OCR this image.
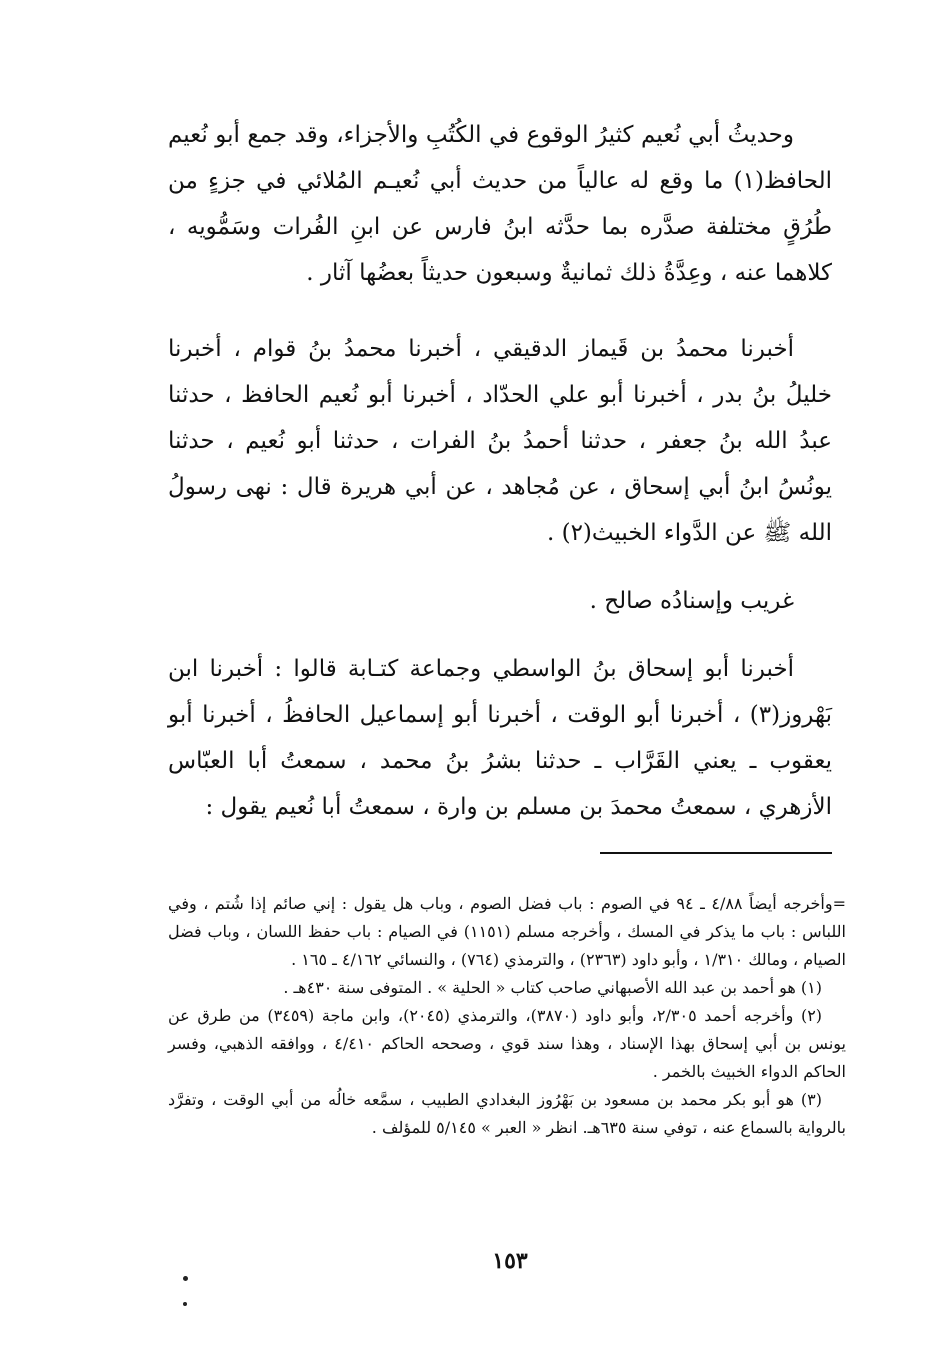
وحديثُ أبي نُعيم كثيرُ الوقوع في الكُتُبِ والأجزاء، وقد جمع أبو نُعيم الحافظ(١) ما وقع له عالياً من حديث أبي نُعيـم المُلائي في جزءٍ من طُرُقٍ مختلفة صدَّره بما حدَّثه ابنُ فارس عن ابنِ الفُرات وسَمُّويه ، كلاهما عنه ، وعِدَّةُ ذلك ثمانيةٌ وسبعون حديثاً بعضُها آثار .

أخبرنا محمدُ بن قَيماز الدقيقي ، أخبرنا محمدُ بنُ قوام ، أخبرنا خليلُ بنُ بدر ، أخبرنا أبو علي الحدّاد ، أخبرنا أبو نُعيم الحافظ ، حدثنا عبدُ الله بنُ جعفر ، حدثنا أحمدُ بنُ الفرات ، حدثنا أبو نُعيم ، حدثنا يونُسُ ابنُ أبي إسحاق ، عن مُجاهد ، عن أبي هريرة قال : نهى رسولُ الله ﷺ عن الدَّواء الخبيث(٢) .

غريب وإسنادُه صالح .

أخبرنا أبو إسحاق بنُ الواسطي وجماعة كتـابة قالوا : أخبرنا ابن بَهْروز(٣) ، أخبرنا أبو الوقت ، أخبرنا أبو إسماعيل الحافظُ ، أخبرنا أبو يعقوب ـ يعني القَرَّاب ـ حدثنا بشرُ بنُ محمد ، سمعتُ أبا العبّاس الأزهري ، سمعتُ محمدَ بن مسلم بن وارة ، سمعتُ أبا نُعيم يقول :

=وأخرجه أيضاً ٤/٨٨ ـ ٩٤ في الصوم : باب فضل الصوم ، وباب هل يقول : إني صائم إذا شُتم ، وفي اللباس : باب ما يذكر في المسك ، وأخرجه مسلم (١١٥١) في الصيام : باب حفظ اللسان ، وباب فضل الصيام ، ومالك ١/٣١٠ ، وأبو داود (٢٣٦٣) ، والترمذي (٧٦٤) ، والنسائي ٤/١٦٢ ـ ١٦٥ .

(١) هو أحمد بن عبد الله الأصبهاني صاحب كتاب « الحلية » . المتوفى سنة ٤٣٠هـ .

(٢) وأخرجه أحمد ٢/٣٠٥، وأبو داود (٣٨٧٠)، والترمذي (٢٠٤٥)، وابن ماجة (٣٤٥٩) من طرق عن يونس بن أبي إسحاق بهذا الإسناد ، وهذا سند قوي ، وصححه الحاكم ٤/٤١٠ ، ووافقه الذهبي، وفسر الحاكم الدواء الخبيث بالخمر .

(٣) هو أبو بكر محمد بن مسعود بن بَهْرُوز البغدادي الطبيب ، سمَّعه خالُه من أبي الوقت ، وتفرَّد بالرواية بالسماع عنه ، توفي سنة ٦٣٥هـ. انظر « العبر » ٥/١٤٥ للمؤلف .

١٥٣
